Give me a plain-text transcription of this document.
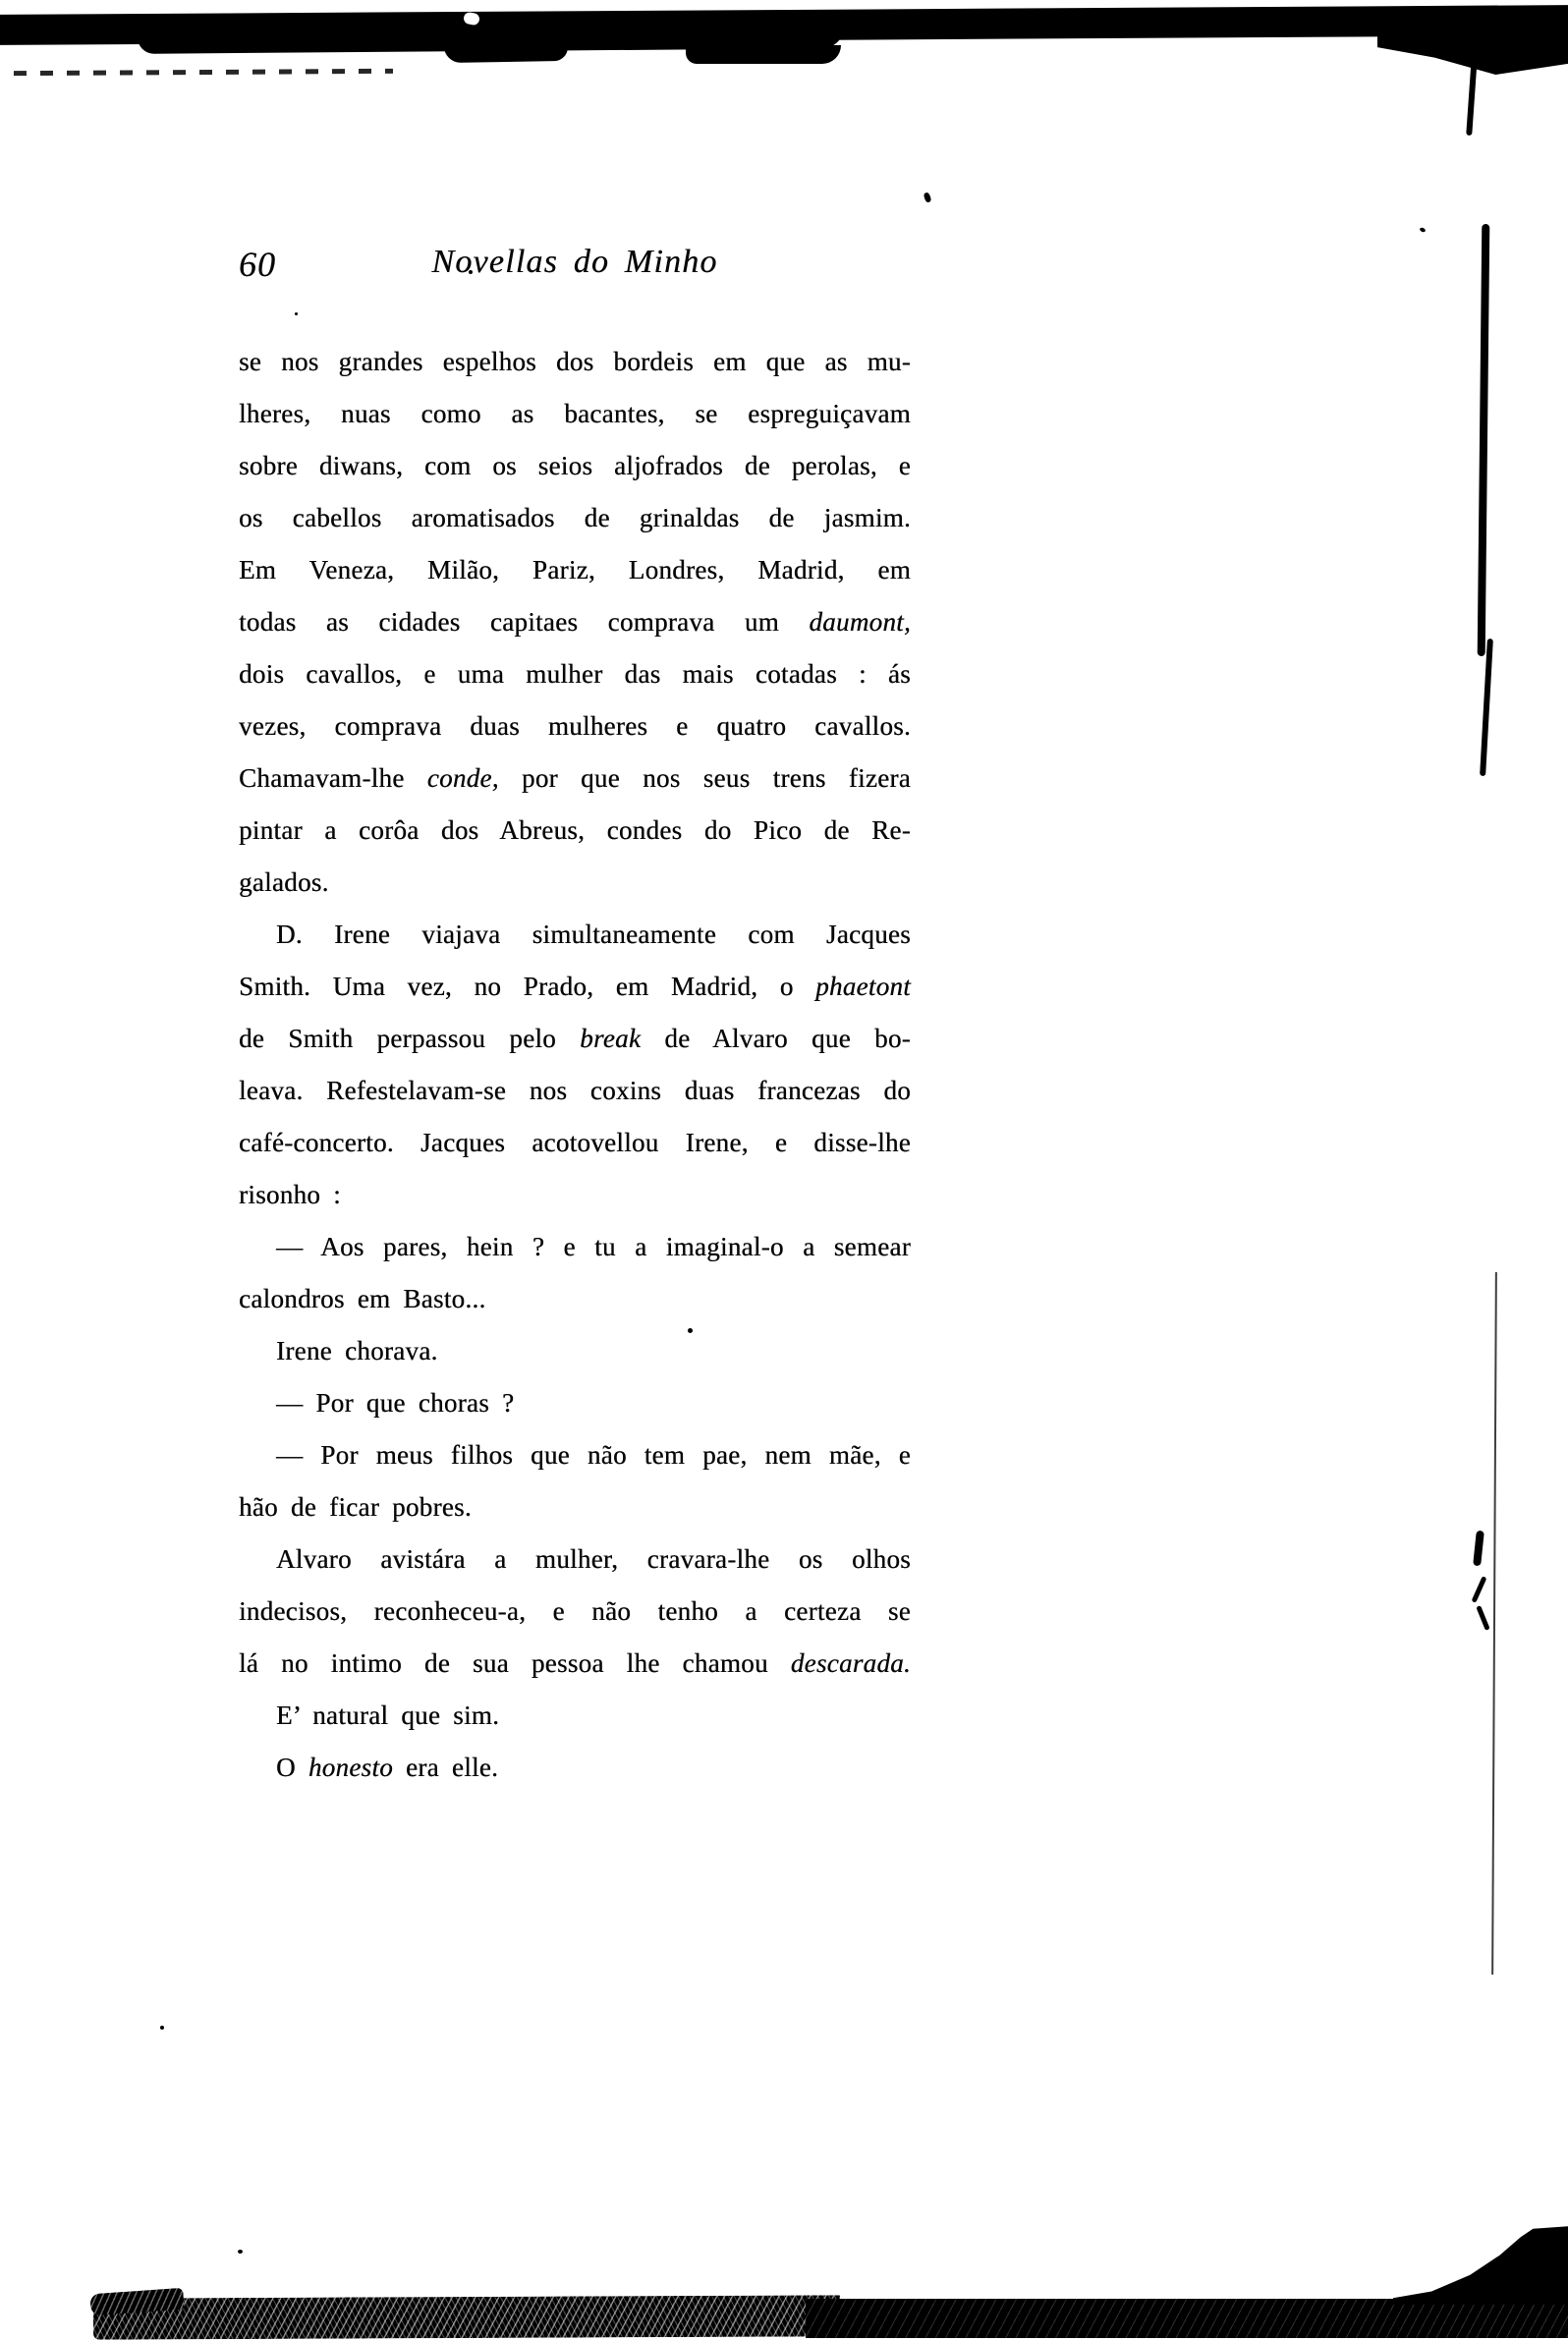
60	Novellas do Minho
se nos grandes espelhos dos bordeis em que as mu-
lheres, nuas como as bacantes, se espreguiçavam
sobre diwans, com os seios aljofrados de perolas, e
os cabellos aromatisados de grinaldas de jasmim.
Em Veneza, Milão, Pariz, Londres, Madrid, em
todas as cidades capitaes comprava um daumont,
dois cavallos, e uma mulher das mais cotadas : ás
vezes, comprava duas mulheres e quatro cavallos.
Chamavam-lhe conde, por que nos seus trens fizera
pintar a corôa dos Abreus, condes do Pico de Re-
galados.
D. Irene viajava simultaneamente com Jacques
Smith. Uma vez, no Prado, em Madrid, o phaetont
de Smith perpassou pelo break de Alvaro que bo-
leava. Refestelavam-se nos coxins duas francezas do
café-concerto. Jacques acotovellou Irene, e disse-lhe
risonho :
— Aos pares, hein ? e tu a imaginal-o a semear
calondros em Basto...
Irene chorava.
— Por que choras ?
— Por meus filhos que não tem pae, nem mãe, e
hão de ficar pobres.
Alvaro avistára a mulher, cravara-lhe os olhos
indecisos, reconheceu-a, e não tenho a certeza se
lá no intimo de sua pessoa lhe chamou descarada.
E’ natural que sim.
O honesto era elle.
